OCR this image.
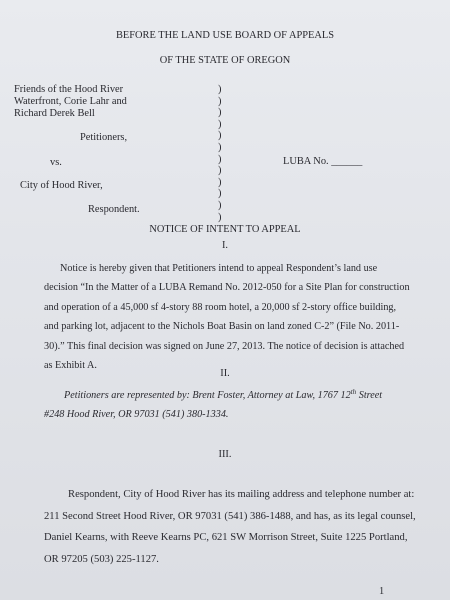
BEFORE THE LAND USE BOARD OF APPEALS
OF THE STATE OF OREGON
Friends of the Hood River
Waterfront, Corie Lahr and
Richard Derek Bell
Petitioners,
vs.
City of Hood River,
Respondent.
)
)
)
)
)
)
)
)
)
)
)
)
LUBA No. ______
NOTICE OF INTENT TO APPEAL
I.
Notice is hereby given that Petitioners intend to appeal Respondent’s land use
decision “In the Matter of a LUBA Remand No. 2012-050 for a Site Plan for construction
and operation of a 45,000 sf 4-story 88 room hotel, a 20,000 sf 2-story office building,
and parking lot, adjacent to the Nichols Boat Basin on land zoned C-2” (File No. 2011-
30).” This final decision was signed on June 27, 2013. The notice of decision is attached
as Exhibit A.
II.
Petitioners are represented by: Brent Foster, Attorney at Law, 1767 12th Street
#248 Hood River, OR 97031 (541) 380-1334.
III.
Respondent, City of Hood River has its mailing address and telephone number at:
211 Second Street Hood River, OR 97031 (541) 386-1488, and has, as its legal counsel,
Daniel Kearns, with Reeve Kearns PC, 621 SW Morrison Street, Suite 1225 Portland,
OR 97205 (503) 225-1127.
1
